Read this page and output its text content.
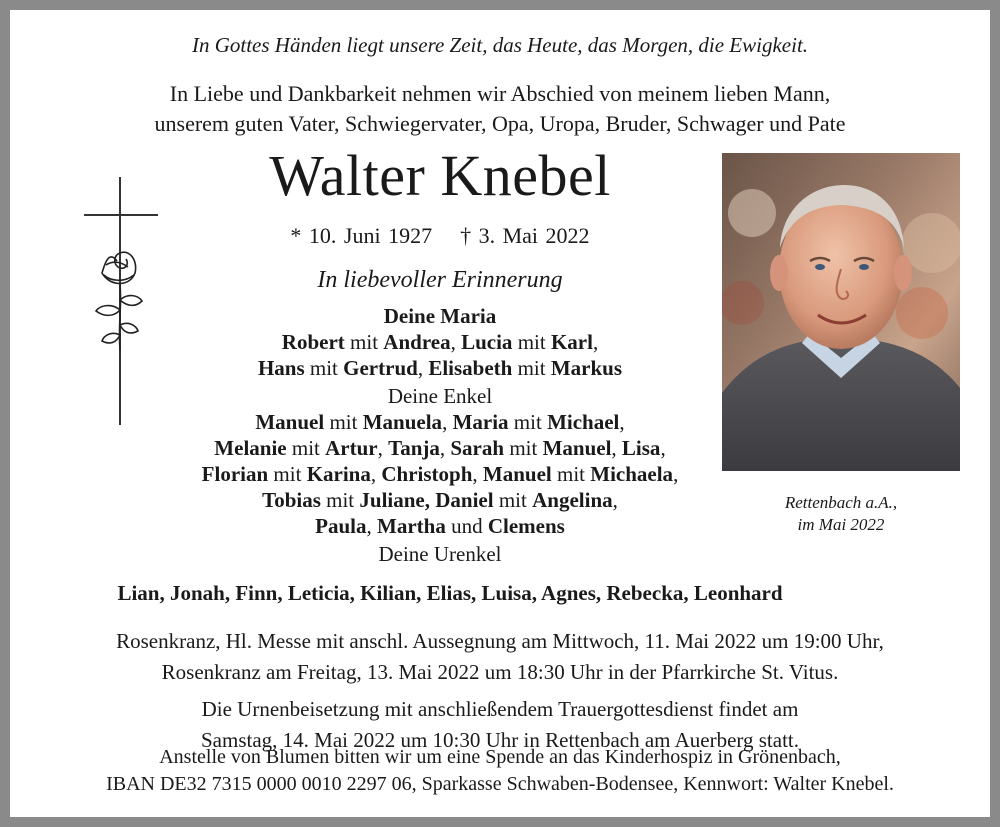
In Gottes Händen liegt unsere Zeit, das Heute, das Morgen, die Ewigkeit.
In Liebe und Dankbarkeit nehmen wir Abschied von meinem lieben Mann,
unserem guten Vater, Schwiegervater, Opa, Uropa, Bruder, Schwager und Pate
Walter Knebel
* 10. Juni 1927 † 3. Mai 2022
In liebevoller Erinnerung
Deine Maria
Robert mit Andrea, Lucia mit Karl,
Hans mit Gertrud, Elisabeth mit Markus
Deine Enkel
Manuel mit Manuela, Maria mit Michael,
Melanie mit Artur, Tanja, Sarah mit Manuel, Lisa,
Florian mit Karina, Christoph, Manuel mit Michaela,
Tobias mit Juliane, Daniel mit Angelina,
Paula, Martha und Clemens
Deine Urenkel
Lian, Jonah, Finn, Leticia, Kilian, Elias, Luisa, Agnes, Rebecka, Leonhard
Rosenkranz, Hl. Messe mit anschl. Aussegnung am Mittwoch, 11. Mai 2022 um 19:00 Uhr,
Rosenkranz am Freitag, 13. Mai 2022 um 18:30 Uhr in der Pfarrkirche St. Vitus.
Die Urnenbeisetzung mit anschließendem Trauergottesdienst findet am
Samstag, 14. Mai 2022 um 10:30 Uhr in Rettenbach am Auerberg statt.
Anstelle von Blumen bitten wir um eine Spende an das Kinderhospiz in Grönenbach,
IBAN DE32 7315 0000 0010 2297 06, Sparkasse Schwaben-Bodensee, Kennwort: Walter Knebel.
Rettenbach a.A.,
im Mai 2022
